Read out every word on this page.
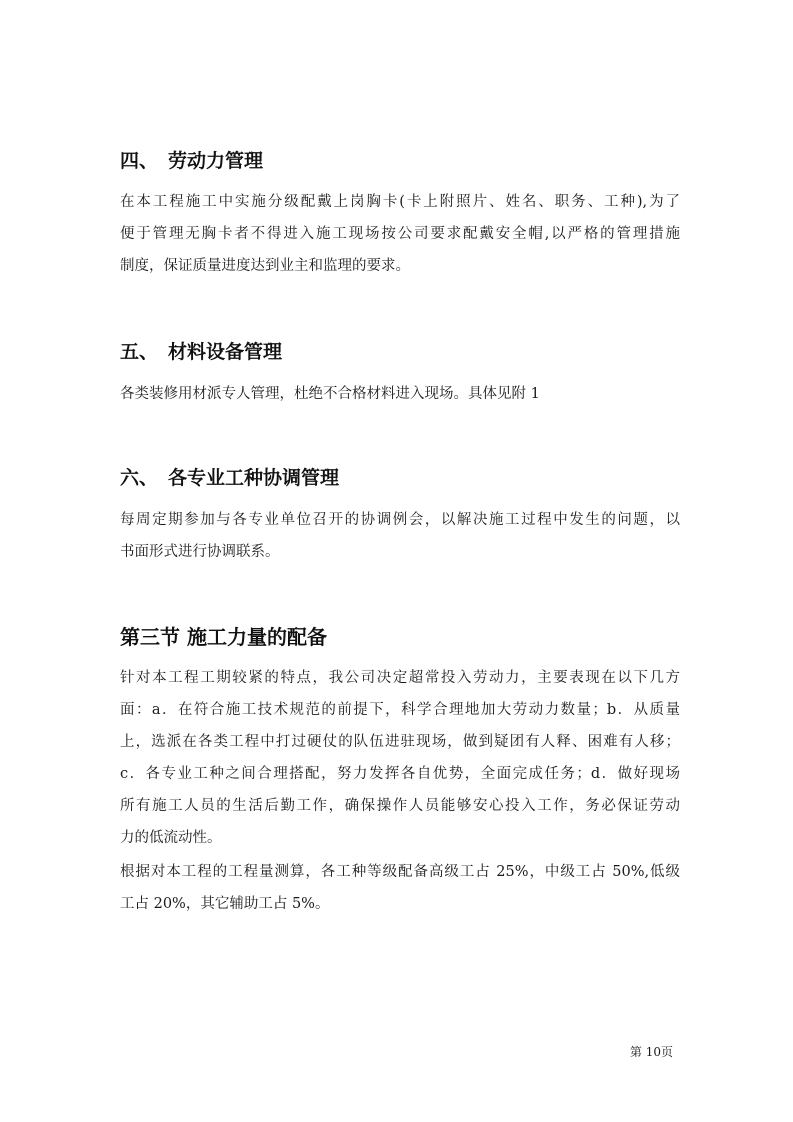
四、 劳动力管理
在本工程施工中实施分级配戴上岗胸卡(卡上附照片、姓名、职务、工种),为了
便于管理无胸卡者不得进入施工现场按公司要求配戴安全帽,以严格的管理措施
制度，保证质量进度达到业主和监理的要求。
五、 材料设备管理
各类装修用材派专人管理，杜绝不合格材料进入现场。具体见附 1
六、 各专业工种协调管理
每周定期参加与各专业单位召开的协调例会，以解决施工过程中发生的问题，以
书面形式进行协调联系。
第三节 施工力量的配备
针对本工程工期较紧的特点，我公司决定超常投入劳动力，主要表现在以下几方
面：a．在符合施工技术规范的前提下，科学合理地加大劳动力数量；b．从质量
上，选派在各类工程中打过硬仗的队伍进驻现场，做到疑团有人释、困难有人移；
c．各专业工种之间合理搭配，努力发挥各自优势，全面完成任务；d．做好现场
所有施工人员的生活后勤工作，确保操作人员能够安心投入工作，务必保证劳动
力的低流动性。
根据对本工程的工程量测算，各工种等级配备高级工占 25%，中级工占 50%,低级
工占 20%，其它辅助工占 5%。
第 10页
